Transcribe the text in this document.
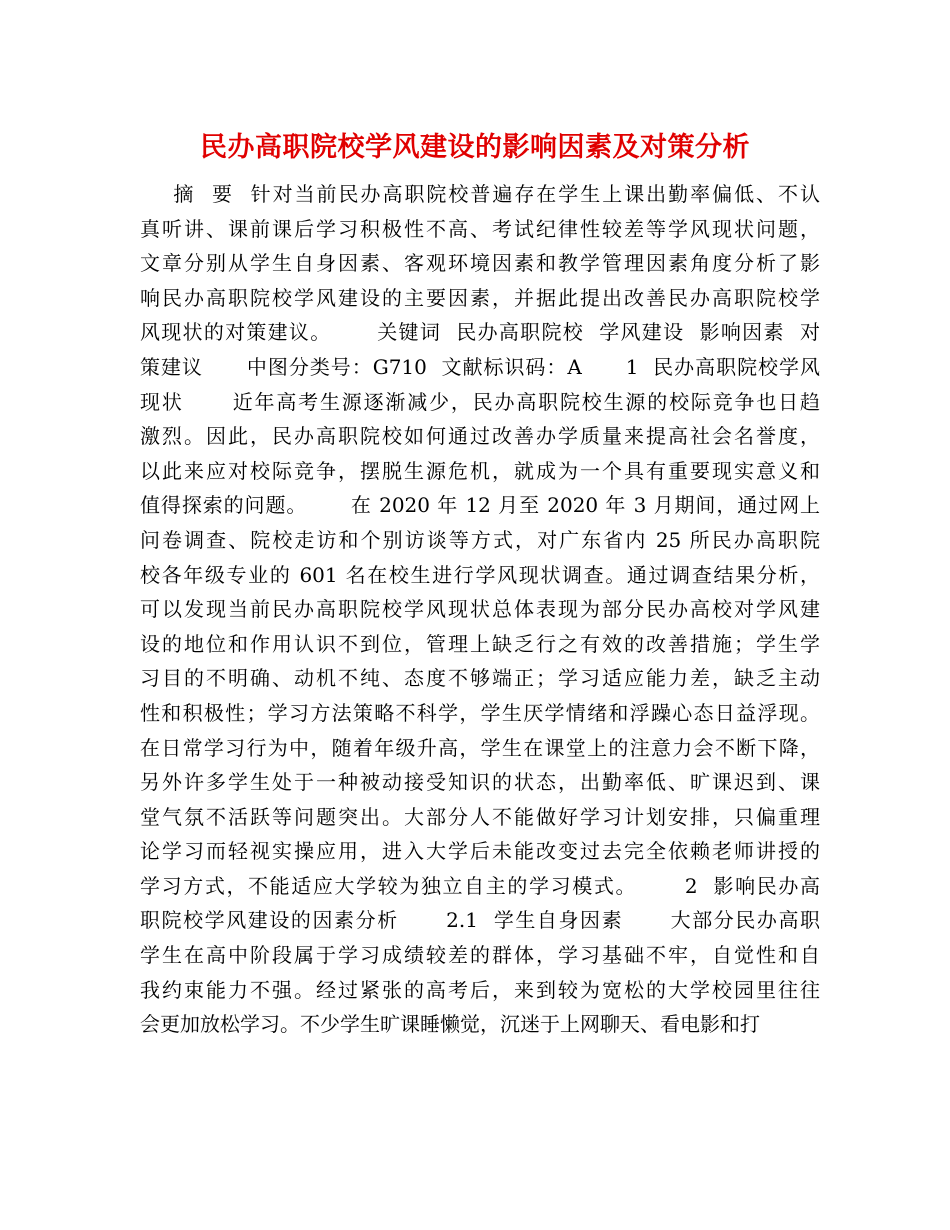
民办高职院校学风建设的影响因素及对策分析
摘  要  针对当前民办高职院校普遍存在学生上课出勤率偏低、不认
真听讲、课前课后学习积极性不高、考试纪律性较差等学风现状问题，
文章分别从学生自身因素、客观环境因素和教学管理因素角度分析了影
响民办高职院校学风建设的主要因素，并据此提出改善民办高职院校学
风现状的对策建议。      关键词  民办高职院校  学风建设  影响因素  对
策建议      中图分类号：G710  文献标识码：A      1  民办高职院校学风
现状      近年高考生源逐渐减少，民办高职院校生源的校际竞争也日趋
激烈。因此，民办高职院校如何通过改善办学质量来提高社会名誉度，
以此来应对校际竞争，摆脱生源危机，就成为一个具有重要现实意义和
值得探索的问题。      在 2020 年 12 月至 2020 年 3 月期间，通过网上
问卷调查、院校走访和个别访谈等方式，对广东省内 25 所民办高职院
校各年级专业的 601 名在校生进行学风现状调查。通过调查结果分析，
可以发现当前民办高职院校学风现状总体表现为部分民办高校对学风建
设的地位和作用认识不到位，管理上缺乏行之有效的改善措施；学生学
习目的不明确、动机不纯、态度不够端正；学习适应能力差，缺乏主动
性和积极性；学习方法策略不科学，学生厌学情绪和浮躁心态日益浮现。
在日常学习行为中，随着年级升高，学生在课堂上的注意力会不断下降，
另外许多学生处于一种被动接受知识的状态，出勤率低、旷课迟到、课
堂气氛不活跃等问题突出。大部分人不能做好学习计划安排，只偏重理
论学习而轻视实操应用，进入大学后未能改变过去完全依赖老师讲授的
学习方式，不能适应大学较为独立自主的学习模式。      2  影响民办高
职院校学风建设的因素分析      2.1  学生自身因素      大部分民办高职
学生在高中阶段属于学习成绩较差的群体，学习基础不牢，自觉性和自
我约束能力不强。经过紧张的高考后，来到较为宽松的大学校园里往往
会更加放松学习。不少学生旷课睡懒觉，沉迷于上网聊天、看电影和打
